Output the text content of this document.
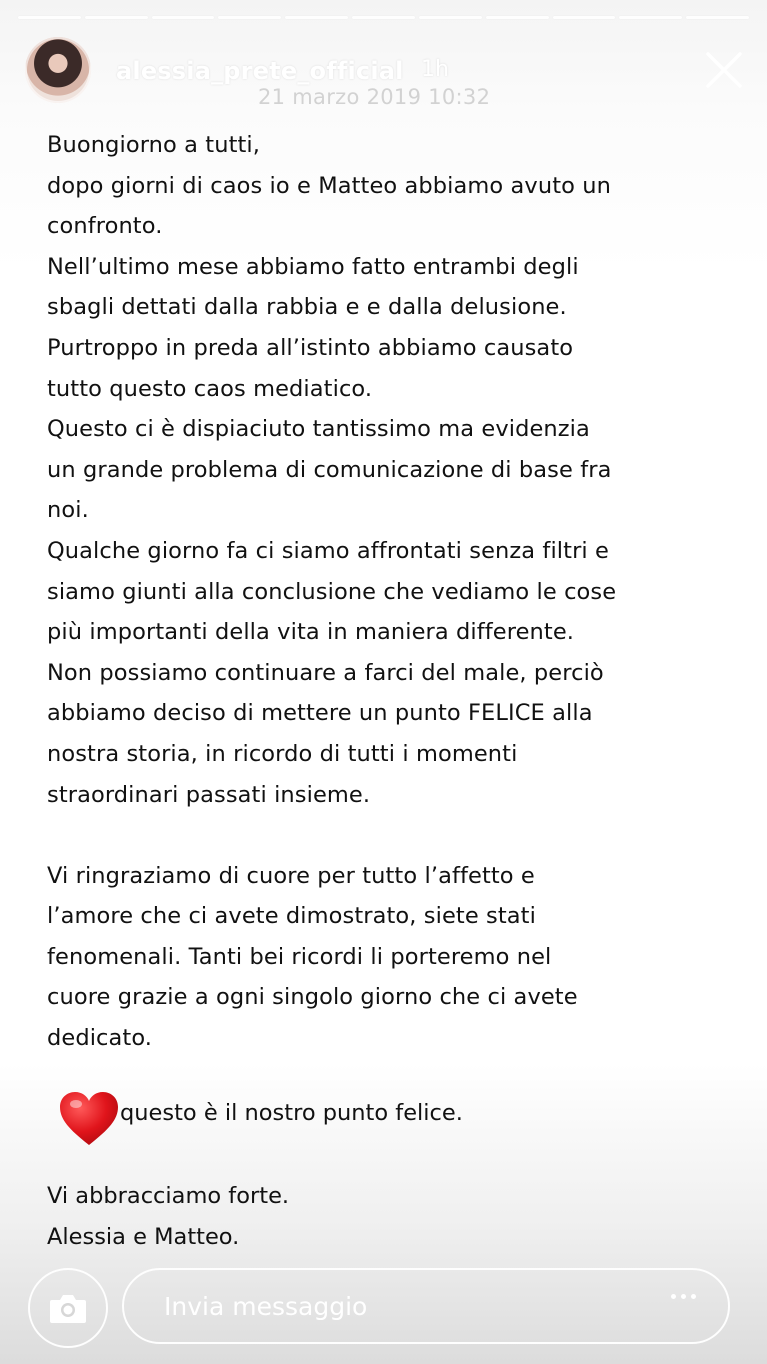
alessia_prete_official 1h
21 marzo 2019 10:32
Buongiorno a tutti,
dopo giorni di caos io e Matteo abbiamo avuto un
confronto.
Nell’ultimo mese abbiamo fatto entrambi degli
sbagli dettati dalla rabbia e e dalla delusione.
Purtroppo in preda all’istinto abbiamo causato
tutto questo caos mediatico.
Questo ci è dispiaciuto tantissimo ma evidenzia
un grande problema di comunicazione di base fra
noi.
Qualche giorno fa ci siamo affrontati senza filtri e
siamo giunti alla conclusione che vediamo le cose
più importanti della vita in maniera differente.
Non possiamo continuare a farci del male, perciò
abbiamo deciso di mettere un punto FELICE alla
nostra storia, in ricordo di tutti i momenti
straordinari passati insieme.
Vi ringraziamo di cuore per tutto l’affetto e
l’amore che ci avete dimostrato, siete stati
fenomenali. Tanti bei ricordi li porteremo nel
cuore grazie a ogni singolo giorno che ci avete
dedicato.
questo è il nostro punto felice.
Vi abbracciamo forte.
Alessia e Matteo.
Invia messaggio
